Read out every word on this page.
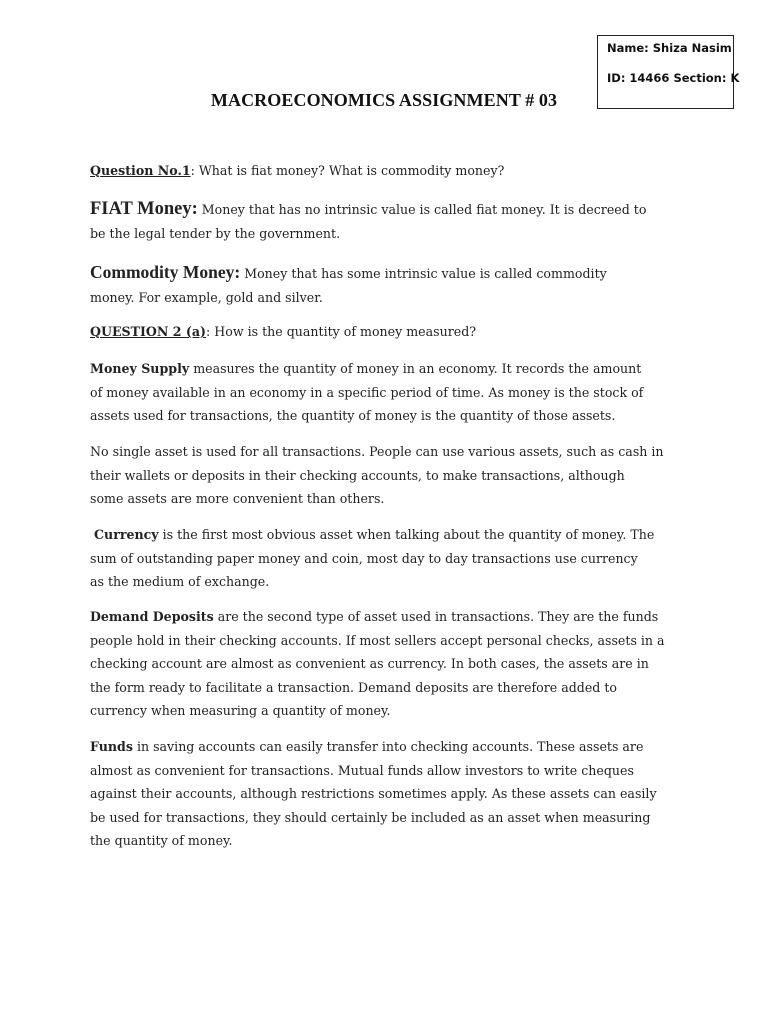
Name: Shiza Nasim
ID: 14466 Section: K
MACROECONOMICS ASSIGNMENT # 03
Question No.1: What is fiat money? What is commodity money?
FIAT Money: Money that has no intrinsic value is called fiat money. It is decreed to
be the legal tender by the government.
Commodity Money: Money that has some intrinsic value is called commodity
money. For example, gold and silver.
QUESTION 2 (a): How is the quantity of money measured?
Money Supply measures the quantity of money in an economy. It records the amount
of money available in an economy in a specific period of time. As money is the stock of
assets used for transactions, the quantity of money is the quantity of those assets.
No single asset is used for all transactions. People can use various assets, such as cash in
their wallets or deposits in their checking accounts, to make transactions, although
some assets are more convenient than others.
Currency is the first most obvious asset when talking about the quantity of money. The
sum of outstanding paper money and coin, most day to day transactions use currency
as the medium of exchange.
Demand Deposits are the second type of asset used in transactions. They are the funds
people hold in their checking accounts. If most sellers accept personal checks, assets in a
checking account are almost as convenient as currency. In both cases, the assets are in
the form ready to facilitate a transaction. Demand deposits are therefore added to
currency when measuring a quantity of money.
Funds in saving accounts can easily transfer into checking accounts. These assets are
almost as convenient for transactions. Mutual funds allow investors to write cheques
against their accounts, although restrictions sometimes apply. As these assets can easily
be used for transactions, they should certainly be included as an asset when measuring
the quantity of money.
